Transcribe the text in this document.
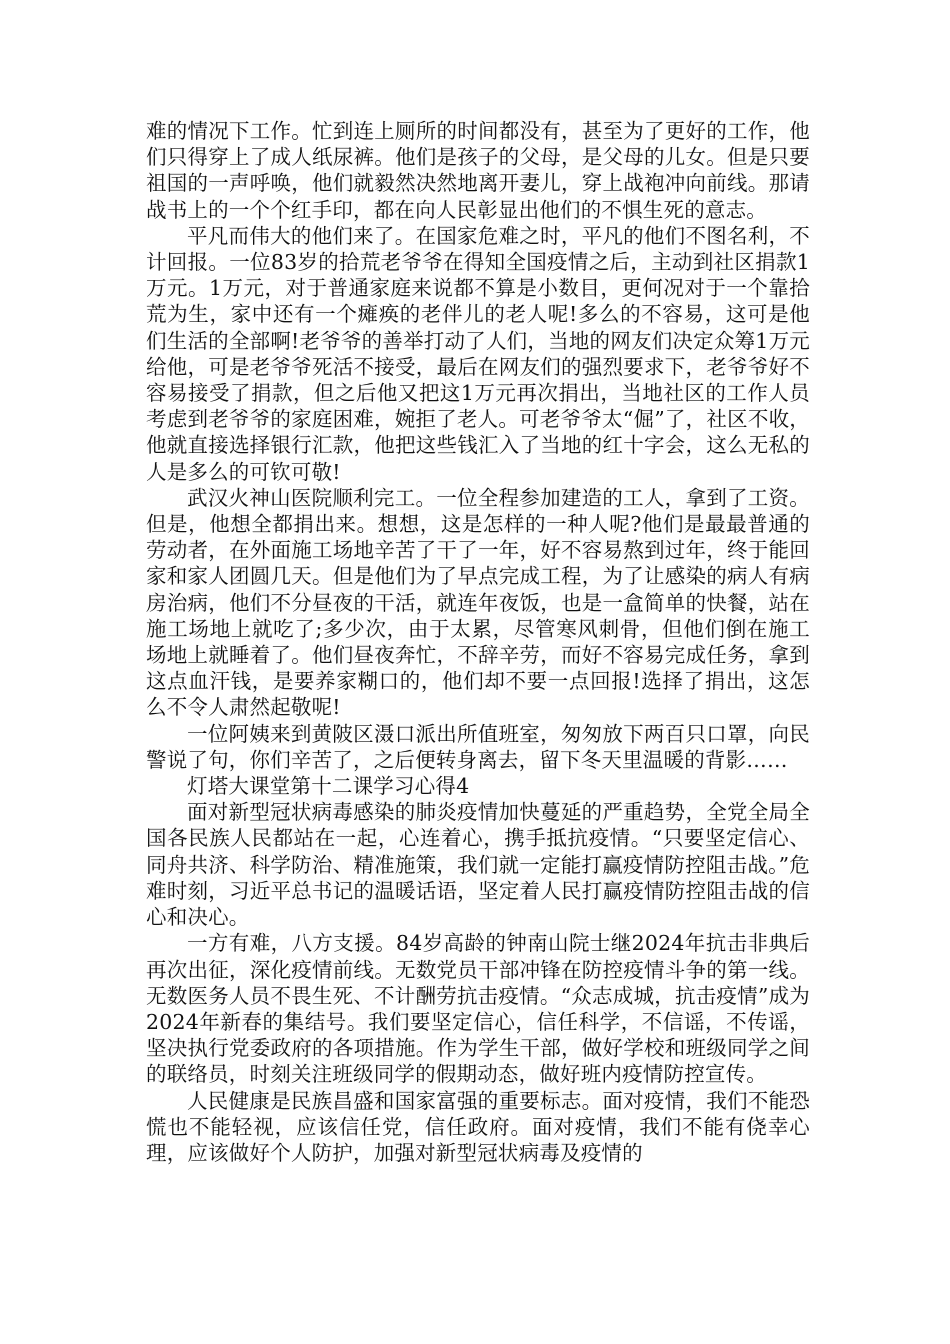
难的情况下工作。忙到连上厕所的时间都没有，甚至为了更好的工作，他们只得穿上了成人纸尿裤。他们是孩子的父母，是父母的儿女。但是只要祖国的一声呼唤，他们就毅然决然地离开妻儿，穿上战袍冲向前线。那请战书上的一个个红手印，都在向人民彰显出他们的不惧生死的意志。

平凡而伟大的他们来了。在国家危难之时，平凡的他们不图名利，不计回报。一位83岁的拾荒老爷爷在得知全国疫情之后，主动到社区捐款1万元。1万元，对于普通家庭来说都不算是小数目，更何况对于一个靠拾荒为生，家中还有一个瘫痪的老伴儿的老人呢!多么的不容易，这可是他们生活的全部啊!老爷爷的善举打动了人们，当地的网友们决定众筹1万元给他，可是老爷爷死活不接受，最后在网友们的强烈要求下，老爷爷好不容易接受了捐款，但之后他又把这1万元再次捐出，当地社区的工作人员考虑到老爷爷的家庭困难，婉拒了老人。可老爷爷太“倔”了，社区不收，他就直接选择银行汇款，他把这些钱汇入了当地的红十字会，这么无私的人是多么的可钦可敬!

武汉火神山医院顺利完工。一位全程参加建造的工人，拿到了工资。但是，他想全都捐出来。想想，这是怎样的一种人呢?他们是最最普通的劳动者，在外面施工场地辛苦了干了一年，好不容易熬到过年，终于能回家和家人团圆几天。但是他们为了早点完成工程，为了让感染的病人有病房治病，他们不分昼夜的干活，就连年夜饭，也是一盒简单的快餐，站在施工场地上就吃了;多少次，由于太累，尽管寒风刺骨，但他们倒在施工场地上就睡着了。他们昼夜奔忙，不辞辛劳，而好不容易完成任务，拿到这点血汗钱，是要养家糊口的，他们却不要一点回报!选择了捐出，这怎么不令人肃然起敬呢!

一位阿姨来到黄陂区滠口派出所值班室，匆匆放下两百只口罩，向民警说了句，你们辛苦了，之后便转身离去，留下冬天里温暖的背影……

灯塔大课堂第十二课学习心得4

面对新型冠状病毒感染的肺炎疫情加快蔓延的严重趋势，全党全局全国各民族人民都站在一起，心连着心，携手抵抗疫情。“只要坚定信心、同舟共济、科学防治、精准施策，我们就一定能打赢疫情防控阻击战。”危难时刻，习近平总书记的温暖话语，坚定着人民打赢疫情防控阻击战的信心和决心。

一方有难，八方支援。84岁高龄的钟南山院士继2024年抗击非典后再次出征，深化疫情前线。无数党员干部冲锋在防控疫情斗争的第一线。无数医务人员不畏生死、不计酬劳抗击疫情。“众志成城，抗击疫情”成为2024年新春的集结号。我们要坚定信心，信任科学，不信谣，不传谣，坚决执行党委政府的各项措施。作为学生干部，做好学校和班级同学之间的联络员，时刻关注班级同学的假期动态，做好班内疫情防控宣传。

人民健康是民族昌盛和国家富强的重要标志。面对疫情，我们不能恐慌也不能轻视，应该信任党，信任政府。面对疫情，我们不能有侥幸心理，应该做好个人防护，加强对新型冠状病毒及疫情的
